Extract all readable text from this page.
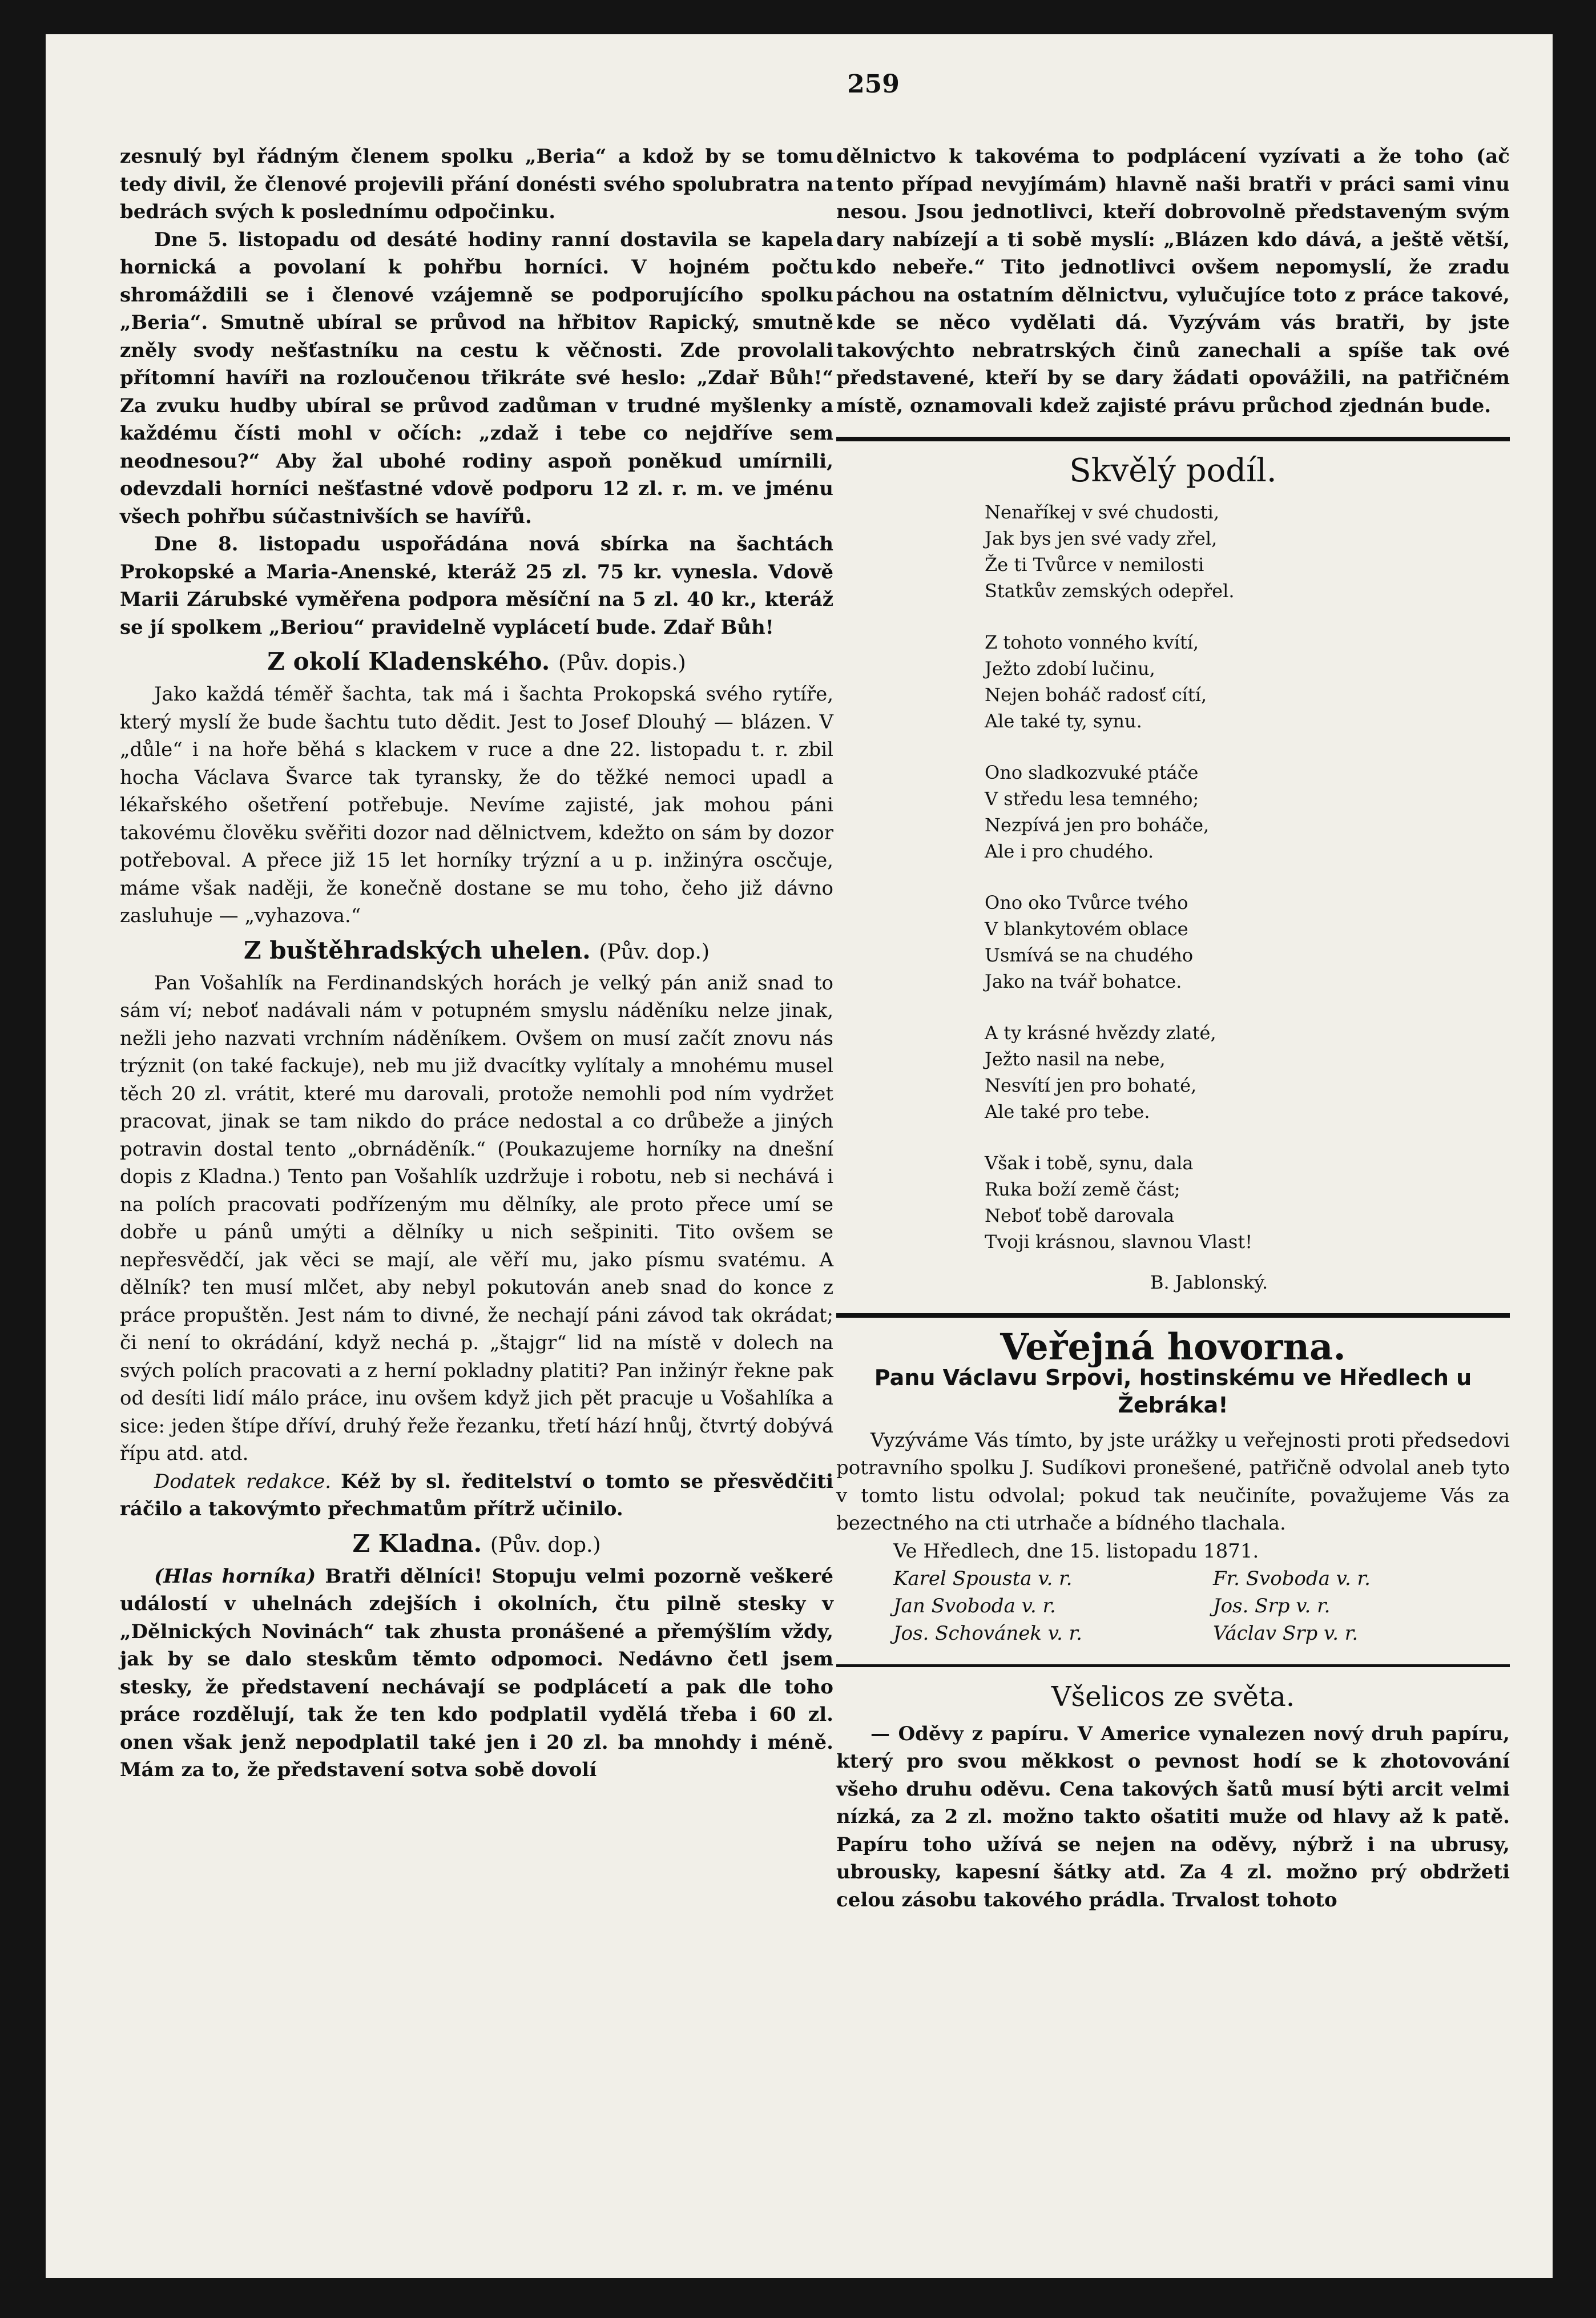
259

zesnulý byl řádným členem spolku „Beria“ a kdož by se tomu tedy divil, že členové projevili přání donésti svého spolubratra na bedrách svých k poslednímu odpočinku.

Dne 5. listopadu od desáté hodiny ranní dostavila se kapela hornická a povolaní k pohřbu horníci. V hojném počtu shromáždili se i členové vzájemně se podporujícího spolku „Beria“. Smutně ubíral se průvod na hřbitov Rapický, smutně zněly svody nešťastníku na cestu k věčnosti. Zde provolali přítomní havíři na rozloučenou třikráte své heslo: „Zdař Bůh!“ Za zvuku hudby ubíral se průvod zadůman v trudné myšlenky a každému čísti mohl v očích: „zdaž i tebe co nejdříve sem neodnesou?“ Aby žal ubohé rodiny aspoň poněkud umírnili, odevzdali horníci nešťastné vdově podporu 12 zl. r. m. ve jménu všech pohřbu súčastnivších se havířů.

Dne 8. listopadu uspořádána nová sbírka na šachtách Prokopské a Maria-Anenské, kteráž 25 zl. 75 kr. vynesla. Vdově Marii Zárubské vyměřena podpora měsíční na 5 zl. 40 kr., kteráž se jí spolkem „Beriou“ pravidelně vyplácetí bude. Zdař Bůh!

Z okolí Kladenského. (Pův. dopis.)

Jako každá téměř šachta, tak má i šachta Prokopská svého rytíře, který myslí že bude šachtu tuto dědit. Jest to Josef Dlouhý — blázen. V „důle“ i na hoře běhá s klackem v ruce a dne 22. listopadu t. r. zbil hocha Václava Švarce tak tyransky, že do těžké nemoci upadl a lékařského ošetření potřebuje. Nevíme zajisté, jak mohou páni takovému člověku svěřiti dozor nad dělnictvem, kdežto on sám by dozor potřeboval. A přece již 15 let horníky trýzní a u p. inžinýra oscčuje, máme však naději, že konečně dostane se mu toho, čeho již dávno zasluhuje — „vyhazova.“

Z buštěhradských uhelen. (Pův. dop.)

Pan Vošahlík na Ferdinandských horách je velký pán aniž snad to sám ví; neboť nadávali nám v potupném smyslu náděníku nelze jinak, nežli jeho nazvati vrchním náděníkem. Ovšem on musí začít znovu nás trýznit (on také fackuje), neb mu již dvacítky vylítaly a mnohému musel těch 20 zl. vrátit, které mu darovali, protože nemohli pod ním vydržet pracovat, jinak se tam nikdo do práce nedostal a co drůbeže a jiných potravin dostal tento „obrnáděník.“ (Poukazujeme horníky na dnešní dopis z Kladna.) Tento pan Vošahlík uzdržuje i robotu, neb si nechává i na polích pracovati podřízeným mu dělníky, ale proto přece umí se dobře u pánů umýti a dělníky u nich sešpiniti. Tito ovšem se nepřesvědčí, jak věci se mají, ale věří mu, jako písmu svatému. A dělník? ten musí mlčet, aby nebyl pokutován aneb snad do konce z práce propuštěn. Jest nám to divné, že nechají páni závod tak okrádat; či není to okrádání, když nechá p. „štajgr“ lid na místě v dolech na svých polích pracovati a z herní pokladny platiti? Pan inžinýr řekne pak od desíti lidí málo práce, inu ovšem když jich pět pracuje u Vošahlíka a sice: jeden štípe dříví, druhý řeže řezanku, třetí hází hnůj, čtvrtý dobývá řípu atd. atd.

Dodatek redakce. Kéž by sl. ředitelství o tomto se přesvědčiti ráčilo a takovýmto přechmatům přítrž učinilo.

Z Kladna. (Pův. dop.)

(Hlas horníka) Bratři dělníci! Stopuju velmi pozorně veškeré událostí v uhelnách zdejších i okolních, čtu pilně stesky v „Dělnických Novinách“ tak zhusta pronášené a přemýšlím vždy, jak by se dalo steskům těmto odpomoci. Nedávno četl jsem stesky, že představení nechávají se podplácetí a pak dle toho práce rozdělují, tak že ten kdo podplatil vydělá třeba i 60 zl. onen však jenž nepodplatil také jen i 20 zl. ba mnohdy i méně. Mám za to, že představení sotva sobě dovolí

dělnictvo k takovéma to podplácení vyzívati a že toho (ač tento případ nevyjímám) hlavně naši bratři v práci sami vinu nesou. Jsou jednotlivci, kteří dobrovolně představeným svým dary nabízejí a ti sobě myslí: „Blázen kdo dává, a ještě větší, kdo nebeře.“ Tito jednotlivci ovšem nepomyslí, že zradu páchou na ostatním dělnictvu, vylučujíce toto z práce takové, kde se něco vydělati dá. Vyzývám vás bratři, by jste takovýchto nebratrských činů zanechali a spíše tak ové představené, kteří by se dary žádati opovážili, na patřičném místě, oznamovali kdež zajisté právu průchod zjednán bude.

Skvělý podíl.
Nenaříkej v své chudosti,
Jak bys jen své vady zřel,
Že ti Tvůrce v nemilosti
Statkův zemských odepřel.
Z tohoto vonného kvítí,
Ježto zdobí lučinu,
Nejen boháč radosť cítí,
Ale také ty, synu.
Ono sladkozvuké ptáče
V středu lesa temného;
Nezpívá jen pro boháče,
Ale i pro chudého.
Ono oko Tvůrce tvého
V blankytovém oblace
Usmívá se na chudého
Jako na tvář bohatce.
A ty krásné hvězdy zlaté,
Ježto nasil na nebe,
Nesvítí jen pro bohaté,
Ale také pro tebe.
Však i tobě, synu, dala
Ruka boží země část;
Neboť tobě darovala
Tvoji krásnou, slavnou Vlast!
B. Jablonský.
Veřejná hovorna.
Panu Václavu Srpovi, hostinskému ve Hředlech u Žebráka!

Vyzýváme Vás tímto, by jste urážky u veřejnosti proti předsedovi potravního spolku J. Sudíkovi pronešené, patřičně odvolal aneb tyto v tomto listu odvolal; pokud tak neučiníte, považujeme Vás za bezectného na cti utrhače a bídného tlachala.

Ve Hředlech, dne 15. listopadu 1871.
Karel Spousta v. r.	Fr. Svoboda v. r.
Jan Svoboda v. r.	Jos. Srp v. r.
Jos. Schovánek v. r.	Václav Srp v. r.
Všelicos ze světa.

— Oděvy z papíru. V Americe vynalezen nový druh papíru, který pro svou měkkost o pevnost hodí se k zhotovování všeho druhu oděvu. Cena takových šatů musí býti arcit velmi nízká, za 2 zl. možno takto ošatiti muže od hlavy až k patě. Papíru toho užívá se nejen na oděvy, nýbrž i na ubrusy, ubrousky, kapesní šátky atd. Za 4 zl. možno prý obdržeti celou zásobu takového prádla. Trvalost tohoto
